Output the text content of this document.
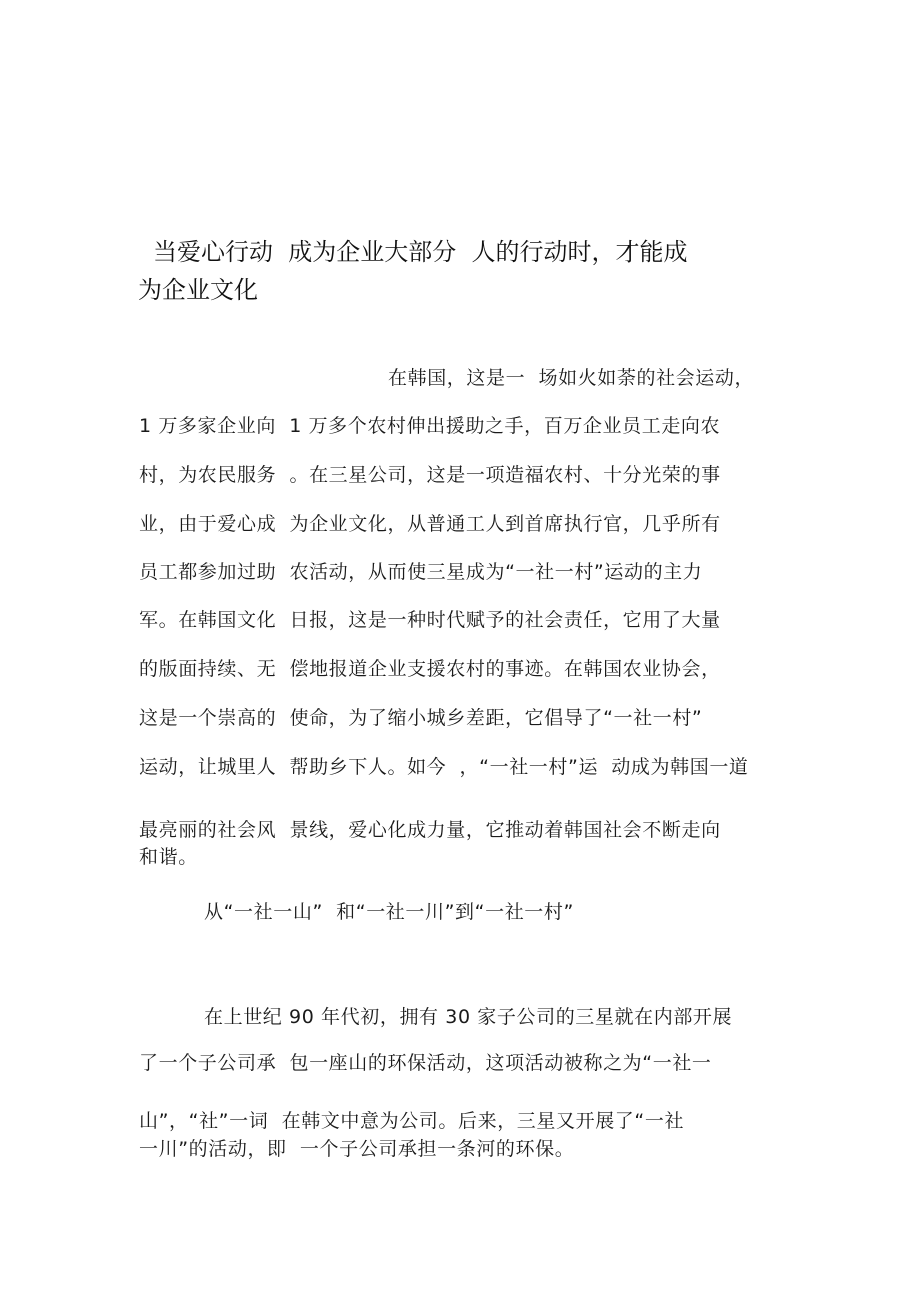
当爱心行动  成为企业大部分  人的行动时，才能成
为企业文化
在韩国，这是一  场如火如荼的社会运动，
1 万多家企业向  1 万多个农村伸出援助之手，百万企业员工走向农
村，为农民服务  。在三星公司，这是一项造福农村、十分光荣的事
业，由于爱心成  为企业文化，从普通工人到首席执行官，几乎所有
员工都参加过助  农活动，从而使三星成为“一社一村”运动的主力
军。在韩国文化  日报，这是一种时代赋予的社会责任，它用了大量
的版面持续、无  偿地报道企业支援农村的事迹。在韩国农业协会，
这是一个崇高的  使命，为了缩小城乡差距，它倡导了“一社一村”
运动，让城里人  帮助乡下人。如今  ，“一社一村”运  动成为韩国一道
最亮丽的社会风  景线，爱心化成力量，它推动着韩国社会不断走向
和谐。
从“一社一山”  和“一社一川”到“一社一村”
在上世纪 90 年代初，拥有 30 家子公司的三星就在内部开展
了一个子公司承  包一座山的环保活动，这项活动被称之为“一社一
山”，“社”一词  在韩文中意为公司。后来，三星又开展了“一社
一川”的活动，即  一个子公司承担一条河的环保。
